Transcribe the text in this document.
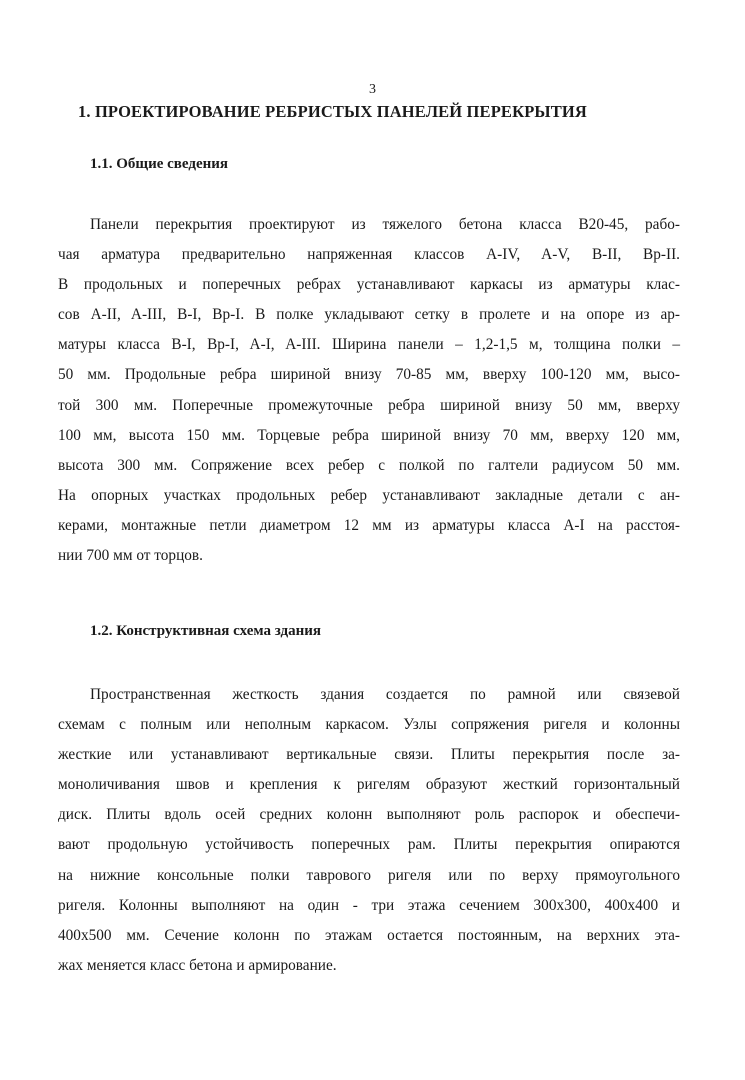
3
1. ПРОЕКТИРОВАНИЕ РЕБРИСТЫХ ПАНЕЛЕЙ ПЕРЕКРЫТИЯ
1.1. Общие сведения
Панели перекрытия проектируют из тяжелого бетона класса В20-45, рабо-
чая арматура предварительно напряженная классов A-IV, A-V, B-II, Bp-II.
В продольных и поперечных ребрах устанавливают каркасы из арматуры клас-
сов A-II, A-III, B-I, Bp-I. В полке укладывают сетку в пролете и на опоре из ар-
матуры класса В-I, Вр-I, A-I, A-III. Ширина панели – 1,2-1,5 м, толщина полки –
50 мм. Продольные ребра шириной внизу 70-85 мм, вверху 100-120 мм, высо-
той 300 мм. Поперечные промежуточные ребра шириной внизу 50 мм, вверху
100 мм, высота 150 мм. Торцевые ребра шириной внизу 70 мм, вверху 120 мм,
высота 300 мм. Сопряжение всех ребер с полкой по галтели радиусом 50 мм.
На опорных участках продольных ребер устанавливают закладные детали с ан-
керами, монтажные петли диаметром 12 мм из арматуры класса A-I на расстоя-
нии 700 мм от торцов.
1.2. Конструктивная схема здания
Пространственная жесткость здания создается по рамной или связевой
схемам с полным или неполным каркасом. Узлы сопряжения ригеля и колонны
жесткие или устанавливают вертикальные связи. Плиты перекрытия после за-
моноличивания швов и крепления к ригелям образуют жесткий горизонтальный
диск. Плиты вдоль осей средних колонн выполняют роль распорок и обеспечи-
вают продольную устойчивость поперечных рам. Плиты перекрытия опираются
на нижние консольные полки таврового ригеля или по верху прямоугольного
ригеля. Колонны выполняют на один - три этажа сечением 300x300, 400x400 и
400x500 мм. Сечение колонн по этажам остается постоянным, на верхних эта-
жах меняется класс бетона и армирование.
